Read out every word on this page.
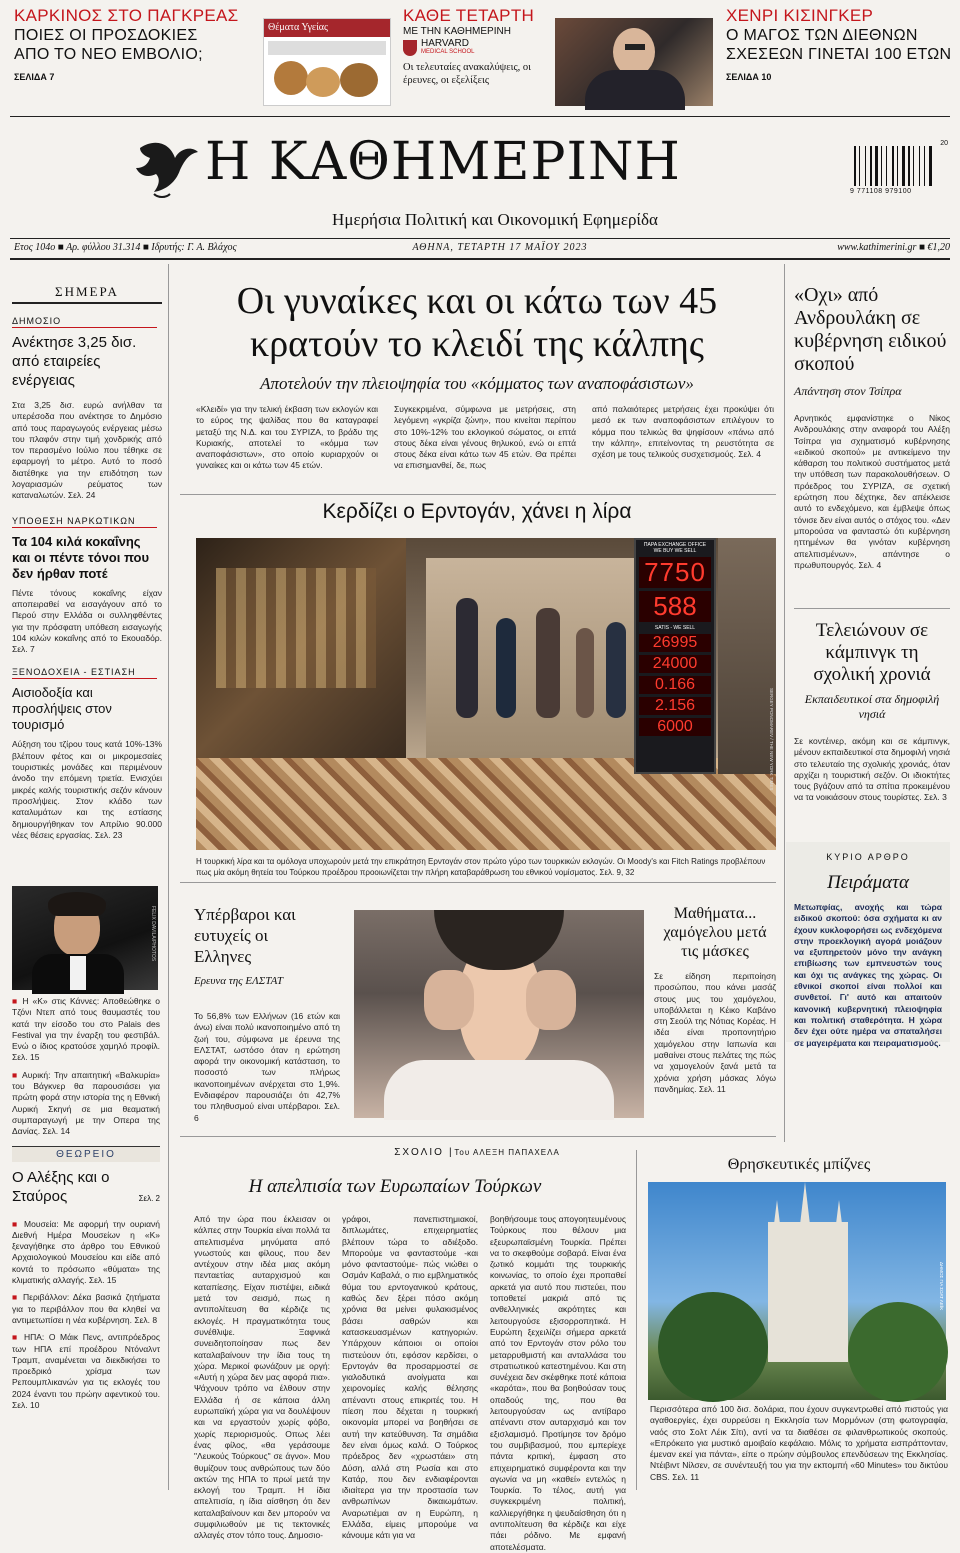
ΚΑΡΚΙΝΟΣ ΣΤΟ ΠΑΓΚΡΕΑΣ
ΠΟΙΕΣ ΟΙ ΠΡΟΣΔΟΚΙΕΣ
ΑΠΟ ΤΟ ΝΕΟ ΕΜΒΟΛΙΟ;
ΣΕΛΙΔΑ 7
Θέματα Υγείας
ΚΑΘΕ ΤΕΤΑΡΤΗ
ΜΕ ΤΗΝ ΚΑΘΗΜΕΡΙΝΗ
HARVARD
MEDICAL SCHOOL
Οι τελευταίες ανακαλύψεις, οι έρευνες, οι εξελίξεις
ΧΕΝΡΙ ΚΙΣΙΝΓΚΕΡ
Ο ΜΑΓΟΣ ΤΩΝ ΔΙΕΘΝΩΝ
ΣΧΕΣΕΩΝ ΓΙΝΕΤΑΙ 100 ΕΤΩΝ
ΣΕΛΙΔΑ 10
Η ΚΑΘΗΜΕΡΙΝΗ
Ημερήσια Πολιτική και Οικονομική Εφημερίδα
20
9 771108 979100
Ετος 104ο ■ Αρ. φύλλου 31.314 ■ Ιδρυτής: Γ. Α. Βλάχος	ΑΘΗΝΑ, ΤΕΤΑΡΤΗ 17 ΜΑΪΟΥ 2023	www.kathimerini.gr ■ €1,20
ΣΗΜΕΡΑ
ΔΗΜΟΣΙΟ
Ανέκτησε 3,25 δισ. από εταιρείες ενέργειας
Στα 3,25 δισ. ευρώ ανήλθαν τα υπερέσοδα που ανέκτησε το Δημόσιο από τους παραγωγούς ενέργειας μέσω του πλαφόν στην τιμή χονδρικής από τον περασμένο Ιούλιο που τέθηκε σε εφαρμογή το μέτρο. Αυτό το ποσό διατέθηκε για την επιδότηση των λογαριασμών ρεύματος των καταναλωτών. Σελ. 24
ΥΠΟΘΕΣΗ ΝΑΡΚΩΤΙΚΩΝ
Τα 104 κιλά κοκαΐνης και οι πέντε τόνοι που δεν ήρθαν ποτέ
Πέντε τόνους κοκαΐνης είχαν αποπειραθεί να εισαγάγουν από το Περού στην Ελλάδα οι συλληφθέντες για την πρόσφατη υπόθεση εισαγωγής 104 κιλών κοκαΐνης από το Εκουαδόρ. Σελ. 7
ΞΕΝΟΔΟΧΕΙΑ - ΕΣΤΙΑΣΗ
Αισιοδοξία και προσλήψεις στον τουρισμό
Αύξηση του τζίρου τους κατά 10%-13% βλέπουν φέτος και οι μικρομεσαίες τουριστικές μονάδες και περιμένουν άνοδο την επόμενη τριετία. Ενισχύει μικρές καλής τουριστικής σεζόν κάνουν προσλήψεις. Στον κλάδο των καταλυμάτων και της εστίασης δημιουργήθηκαν τον Απρίλιο 90.000 νέες θέσεις εργασίας. Σελ. 23
FELIX DAVILA/PHOTOS
■ Η «Κ» στις Κάννες: Αποθεώθηκε ο Τζόνι Ντεπ από τους θαυμαστές του κατά την είσοδο του στο Palais des Festival για την έναρξη του φεστιβάλ. Ενώ ο ίδιος κρατούσε χαμηλό προφίλ. Σελ. 15
■ Αυρική: Την απαιτητική «Βαλκυρία» του Βάγκνερ θα παρουσιάσει για πρώτη φορά στην ιστορία της η Εθνική Λυρική Σκηνή σε μια θεαματική συμπαραγωγή με την Οπερα της Δανίας. Σελ. 14
ΘΕΩΡΕΙΟ
Ο Αλέξης και ο Σταύρος	Σελ. 2
■ Μουσεία: Με αφορμή την ουριανή Διεθνή Ημέρα Μουσείων η «Κ» ξεναγήθηκε στο άρθρο του Εθνικού Αρχαιολογικού Μουσείου και είδε από κοντά το πρόσωπο «θύματα» της κλιματικής αλλαγής. Σελ. 15
■ Περιβάλλον: Δέκα βασικά ζητήματα για το περιβάλλον που θα κληθεί να αντιμετωπίσει η νέα κυβέρνηση. Σελ. 8
■ ΗΠΑ: Ο Μάικ Πενς, αντιπρόεδρος των ΗΠΑ επί προέδρου Ντόναλντ Τραμπ, αναμένεται να διεκδικήσει το προεδρικό χρίσμα των Ρεπουμπλικανών για τις εκλογές του 2024 έναντι του πρώην αφεντικού του. Σελ. 10
Οι γυναίκες και οι κάτω των 45
κρατούν το κλειδί της κάλπης
Αποτελούν την πλειοψηφία του «κόμματος των αναποφάσιστων»
«Κλειδί» για την τελική έκβαση των εκλογών και το εύρος της ψαλίδας που θα καταγραφεί μεταξύ της Ν.Δ. και του ΣΥΡΙΖΑ, το βράδυ της Κυριακής, αποτελεί το «κόμμα των αναποφάσιστων», στο οποίο κυριαρχούν οι γυναίκες και οι κάτω των 45 ετών.
Συγκεκριμένα, σύμφωνα με μετρήσεις, στη λεγόμενη «γκρίζα ζώνη», που κινείται περίπου στο 10%-12% του εκλογικού σώματος, οι επτά στους δέκα είναι γένους θηλυκού, ενώ οι επτά στους δέκα είναι κάτω των 45 ετών. Θα πρέπει να επισημανθεί, δε, πως
από παλαιότερες μετρήσεις έχει προκύψει ότι μεσό εκ των αναποφάσιστων επιλέγουν το κόμμα που τελικώς θα ψηφίσουν «πάνω από την κάλπη», επιτείνοντας τη ρευστότητα σε σχέση με τους τελικούς συσχετισμούς. Σελ. 4
Κερδίζει ο Ερντογάν, χάνει η λίρα
ΠΑΡΑ EXCHANGE OFFICE
WE BUY WE SELL
7750
588
SATIS - WE SELL
26995
24000
0.166
2.156
6000	SERGEY PONOMAREV / THE NEW YORK TIMES
Η τουρκική λίρα και τα ομόλογα υποχωρούν μετά την επικράτηση Ερντογάν στον πρώτο γύρο των τουρκικών εκλογών. Οι Moody's και Fitch Ratings προβλέπουν πως μία ακόμη θητεία του Τούρκου προέδρου προοιωνίζεται την πλήρη καταβαράθρωση του εθνικού νομίσματος. Σελ. 9, 32
Υπέρβαροι και ευτυχείς οι Ελληνες
Ερευνα της ΕΛΣΤΑΤ
Το 56,8% των Ελλήνων (16 ετών και άνω) είναι πολύ ικανοποιημένο από τη ζωή του, σύμφωνα με έρευνα της ΕΛΣΤΑΤ, ωστόσο όταν η ερώτηση αφορά την οικονομική κατάσταση, το ποσοστό των πλήρως ικανοποιημένων ανέρχεται στο 1,9%. Ενδιαφέρον παρουσιάζει ότι 42,7% του πληθυσμού είναι υπέρβαροι. Σελ. 6
Μαθήματα... χαμόγελου μετά τις μάσκες
Σε είδηση περιποίηση προσώπου, που κάνει μασάζ στους μυς του χαμόγελου, υποβάλλεται η Κέικο Καβάνο στη Σεούλ της Νότιας Κορέας. Η ιδέα είναι προπονητήριο χαμόγελου στην Ιαπωνία και μαθαίνει στους πελάτες της πώς να χαμογελούν ξανά μετά τα χρόνια χρήση μάσκας λόγω πανδημίας. Σελ. 11
ΣΧΟΛΙΟ | Του ΑΛΕΞΗ ΠΑΠΑΧΕΛΑ
Η απελπισία των Ευρωπαίων Τούρκων
Από την ώρα που έκλεισαν οι κάλπες στην Τουρκία είναι πολλά τα απελπισμένα μηνύματα από γνωστούς και φίλους, που δεν αντέχουν στην ιδέα μιας ακόμη πενταετίας αυταρχισμού και καταπίεσης. Είχαν πιστέψει, ειδικά μετά τον σεισμό, πως η αντιπολίτευση θα κέρδιζε τις εκλογές. Η πραγματικότητα τους συνέθλιψε. Ξαφνικά συνειδητοποίησαν πως δεν καταλαβαίνουν την ίδια τους τη χώρα. Μερικοί φωνάζουν με οργή: «Αυτή η χώρα δεν μας αφορά πια». Ψάχνουν τρόπο να έλθουν στην Ελλάδα ή σε κάποια άλλη ευρωπαϊκή χώρα για να δουλέψουν και να εργαστούν χωρίς φόβο, χωρίς περιορισμούς. Οπως λέει ένας φίλος, «θα γεράσουμε "Λευκούς Τούρκους" σε άγνο». Μου θυμίζουν τους ανθρώπους των δύο ακτών της ΗΠΑ το πρωί μετά την εκλογή του Τραμπ. Η ίδια απελπισία, η ίδια αίσθηση ότι δεν καταλαβαίνουν και δεν μπορούν να συμφιλιωθούν με τις τεκτονικές αλλαγές στον τόπο τους. Δημοσιο-
γράφοι, πανεπιστημιακοί, διπλωμάτες, επιχειρηματίες βλέπουν τώρα το αδιέξοδο. Μπορούμε να φανταστούμε -και μόνο φανταστούμε- πώς νιώθει ο Οσμάν Καβαλά, ο πιο εμβληματικός θύμα του ερντογανικού κράτους, καθώς δεν ξέρει πόσο ακόμη χρόνια θα μείνει φυλακισμένος βάσει σαθρών και κατασκευασμένων κατηγοριών. Υπάρχουν κάποιοι οι οποίοι πιστεύουν ότι, εφόσον κερδίσει, ο Ερντογάν θα προσαρμοστεί σε γιαλοδυτικά ανοίγματα και χειρονομίες καλής θέλησης απέναντι στους επικριτές του. Η πίεση που δέχεται η τουρκική οικονομία μπορεί να βοηθήσει σε αυτή την κατεύθυνση. Τα σημάδια δεν είναι όμως καλά. Ο Τούρκος πρόεδρος δεν «χρωστάει» στη Δύση, αλλά στη Ρωσία και στο Κατάρ, που δεν ενδιαφέρονται ιδιαίτερα για την προστασία των ανθρωπίνων δικαιωμάτων. Αναρωτιέμαι αν η Ευρώπη, η Ελλάδα, είμεις μπορούμε να κάνουμε κάτι για να
βοηθήσουμε τους απογοητευμένους Τούρκους που θέλουν μια εξευρωπαϊσμένη Τουρκία. Πρέπει να το σκεφθούμε σοβαρά. Είναι ένα ζωτικό κομμάτι της τουρκικής κοινωνίας, το οποίο έχει προπαθεί αρκετά για αυτό που πιστεύει, που τοποθετεί μακριά από τις ανθελληνικές ακρότητες και λειτουργούσε εξισορροπητικά. Η Ευρώπη ξεχειλίζει σήμερα αρκετά από τον Ερντογάν στον ρόλο του μεταρρυθμιστή και ανταλλάσα του στρατιωτικού κατεστημένου. Και στη συνέχεια δεν σκέφθηκε ποτέ κάποια «καρότα», που θα βοηθούσαν τους οπαδούς της, που θα λειτουργούσαν ως αντίβαρο απέναντι στον αυταρχισμό και τον εξισλαμισμό. Προτίμησε τον δρόμο του συμβιβασμού, που εμπερίεχε πάντα κριτική, έμφαση στο επιχειρηματικό συμφέροντα και την αγωνία να μη «καθεί» εντελώς η Τουρκία. Το τέλος, αυτή για συγκεκριμένη πολιτική, καλλιεργήθηκε η ψευδαίσθηση ότι η αντιπολίτευση θα κέρδιζε και είχε πάει ρόδινο. Με εμφανή αποτελέσματα.
«Οχι» από Ανδρουλάκη σε κυβέρνηση ειδικού σκοπού
Απάντηση στον Τσίπρα
Αρνητικός εμφανίστηκε ο Νίκος Ανδρουλάκης στην αναφορά του Αλέξη Τσίπρα για σχηματισμό κυβέρνησης «ειδικού σκοπού» με αντικείμενο την κάθαρση του πολιτικού συστήματος μετά την υπόθεση των παρακολουθήσεων. Ο πρόεδρος του ΣΥΡΙΖΑ, σε σχετική ερώτηση που δέχτηκε, δεν απέκλεισε αυτό το ενδεχόμενο, και έμβλεψε όπως τόνισε δεν είναι αυτός ο στόχος του. «Δεν μπορούσα να φανταστώ ότι κυβέρνηση ηττημένων θα γινόταν κυβέρνηση απελπισμένων», απάντησε ο πρωθυπουργός. Σελ. 4
Τελειώνουν σε κάμπινγκ τη σχολική χρονιά
Εκπαιδευτικοί στα δημοφιλή νησιά
Σε κοντέινερ, ακόμη και σε κάμπινγκ, μένουν εκπαιδευτικοί στα δημοφιλή νησιά στο τελευταίο της σχολικής χρονιάς, όταν αρχίζει η τουριστική σεζόν. Οι ιδιοκτήτες τους βγάζουν από τα σπίτια προκειμένου να τα νοικιάσουν στους τουρίστες. Σελ. 3
ΚΥΡΙΟ ΑΡΘΡΟ
Πειράματα
Μετωπφίας, ανοχής και τώρα ειδικού σκοπού: όσα σχήματα κι αν έχουν κυκλοφορήσει ως ενδεχόμενα στην προεκλογική αγορά μοιάζουν να εξυπηρετούν μόνο την ανάγκη επιβίωσης των εμπνευστών τους και όχι τις ανάγκες της χώρας. Οι εθνικοί σκοποί είναι πολλοί και συνθετοί. Γι' αυτό και απαιτούν κανονική κυβερνητική πλειοψηφία και πολιτική σταθερότητα. Η χώρα δεν έχει ούτε ημέρα να σπαταλήσει σε μαγειρέματα και πειραματισμούς.
Θρησκευτικές μπίζνες
ΔΗΜΟΣ ΓΙΑ ΣΟΛΤ ΛΕΪΚ
Περισσότερα από 100 δισ. δολάρια, που έχουν συγκεντρωθεί από πιστούς για αγαθοεργίες, έχει συρρεύσει η Εκκλησία των Μορμόνων (στη φωτογραφία, ναός στο Σολτ Λέικ Σίτι), αντί να τα διαθέσει σε φιλανθρωπικούς σκοπούς. «Επρόκειτο για μυστικό αμοιβαίο κεφάλαιο. Μόλις το χρήματα εισπράττονταν, έμεναν εκεί για πάντα», είπε ο πρώην σύμβουλος επενδύσεων της Εκκλησίας. Ντέιβιντ Νίλσεν, σε συνέντευξή του για την εκπομπή «60 Minutes» του δικτύου CBS. Σελ. 11
